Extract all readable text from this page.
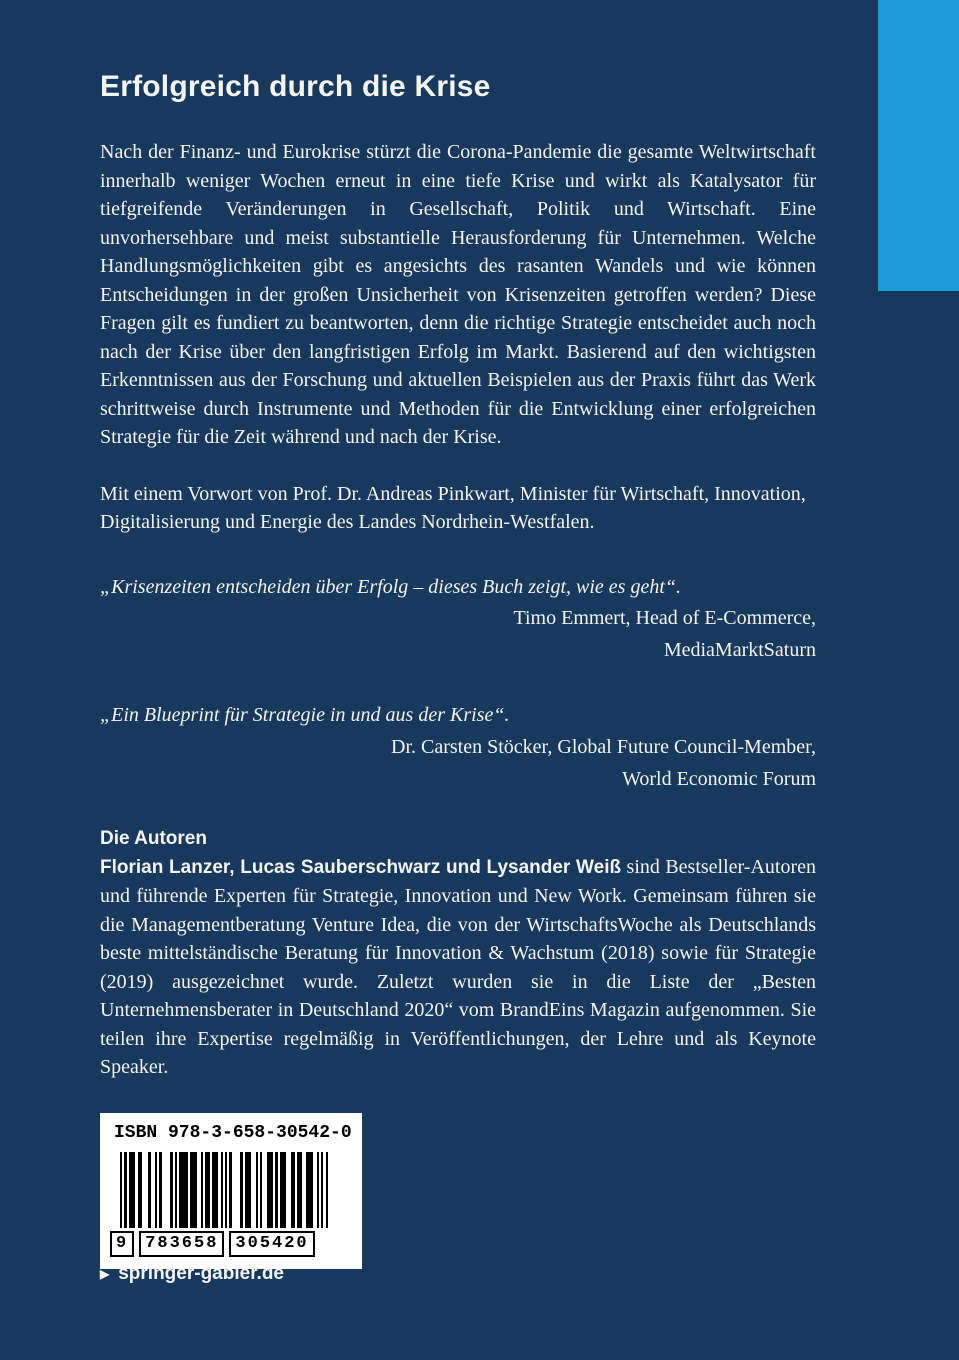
Erfolgreich durch die Krise

Nach der Finanz- und Eurokrise stürzt die Corona-Pandemie die gesamte Weltwirtschaft innerhalb weniger Wochen erneut in eine tiefe Krise und wirkt als Katalysator für tiefgreifende Veränderungen in Gesellschaft, Politik und Wirtschaft. Eine unvorhersehbare und meist substantielle Herausforderung für Unternehmen. Welche Handlungsmöglichkeiten gibt es angesichts des rasanten Wandels und wie können Entscheidungen in der großen Unsicherheit von Krisenzeiten getroffen werden? Diese Fragen gilt es fundiert zu beantworten, denn die richtige Strategie entscheidet auch noch nach der Krise über den langfristigen Erfolg im Markt. Basierend auf den wichtigsten Erkenntnissen aus der Forschung und aktuellen Beispielen aus der Praxis führt das Werk schrittweise durch Instrumente und Methoden für die Entwicklung einer erfolgreichen Strategie für die Zeit während und nach der Krise.

Mit einem Vorwort von Prof. Dr. Andreas Pinkwart, Minister für Wirtschaft, Innovation, Digitalisierung und Energie des Landes Nordrhein-Westfalen.

„Krisenzeiten entscheiden über Erfolg – dieses Buch zeigt, wie es geht“.

Timo Emmert, Head of E-Commerce,

MediaMarktSaturn

„Ein Blueprint für Strategie in und aus der Krise“.

Dr. Carsten Stöcker, Global Future Council-Member,

World Economic Forum

Die Autoren

Florian Lanzer, Lucas Sauberschwarz und Lysander Weiß sind Bestseller-Autoren und führende Experten für Strategie, Innovation und New Work. Gemeinsam führen sie die Managementberatung Venture Idea, die von der WirtschaftsWoche als Deutschlands beste mittelständische Beratung für Innovation & Wachstum (2018) sowie für Strategie (2019) ausgezeichnet wurde. Zuletzt wurden sie in die Liste der „Besten Unternehmensberater in Deutschland 2020“ vom BrandEins Magazin aufgenommen. Sie teilen ihre Expertise regelmäßig in Veröffentlichungen, der Lehre und als Keynote Speaker.

ISBN 978-3-658-30542-0
9	783658	305420
▶ springer-gabler.de
